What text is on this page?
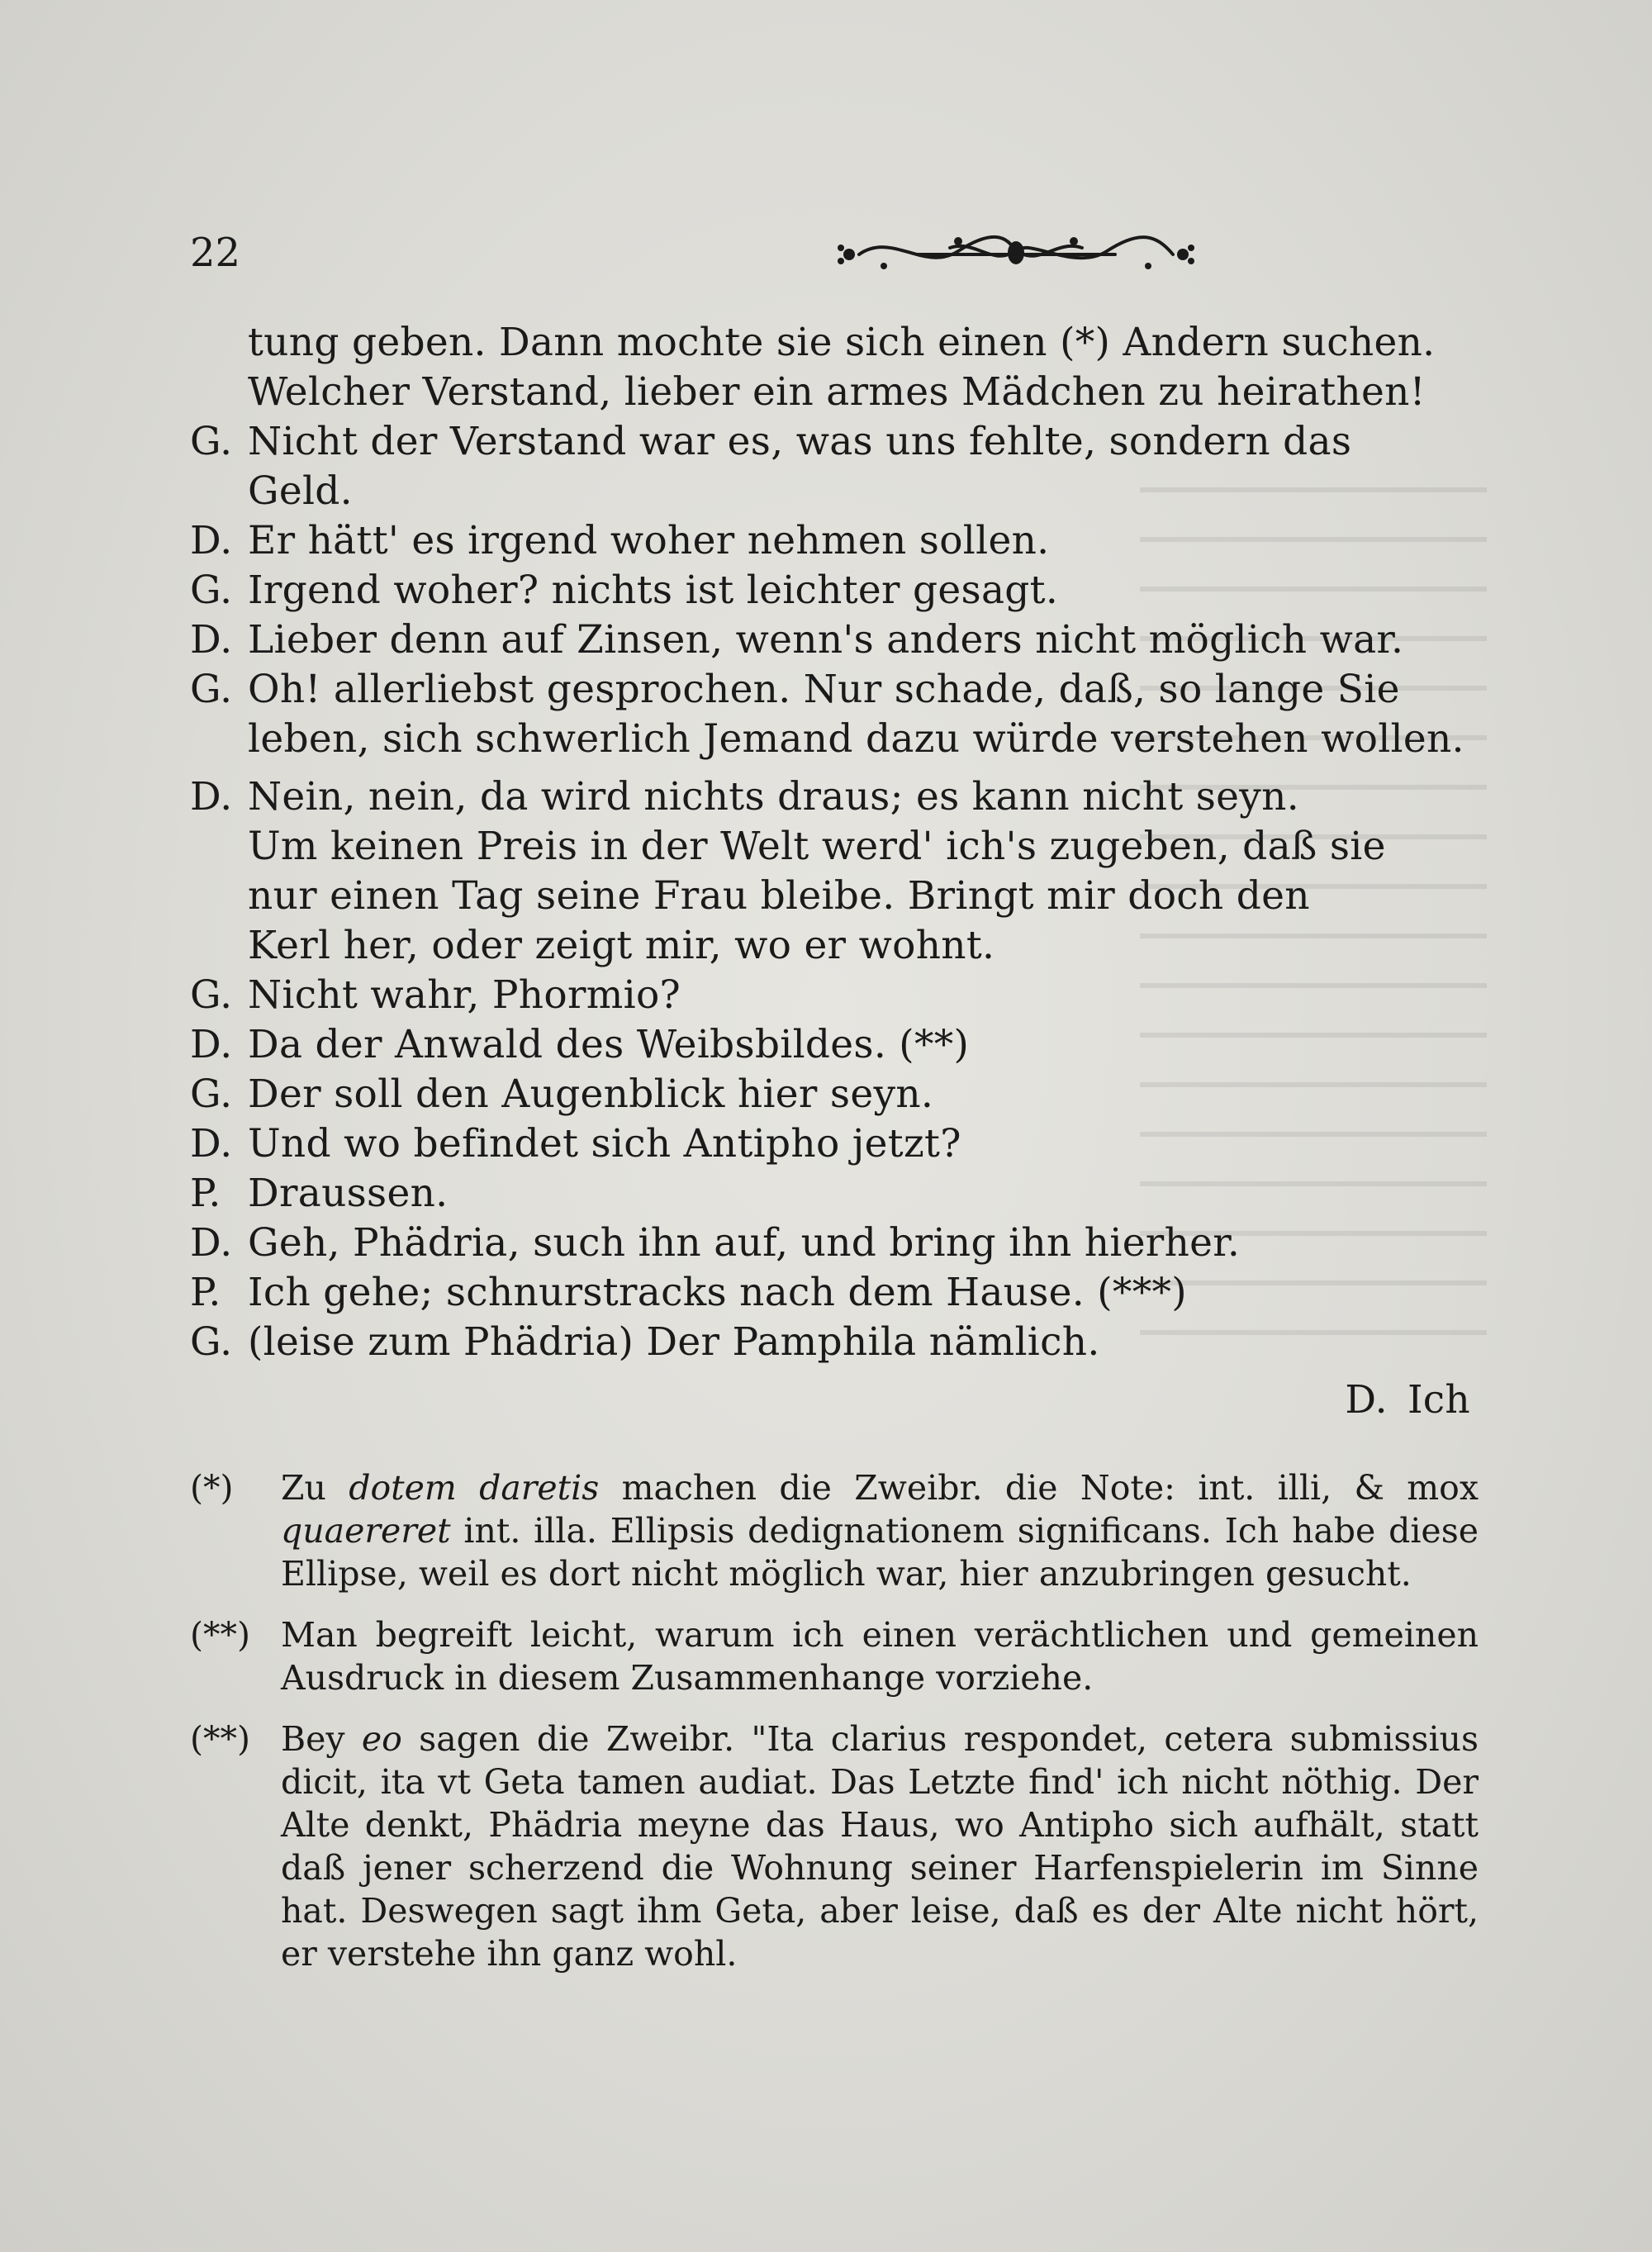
22
tung geben. Dann mochte sie sich einen (*) Andern suchen.
Welcher Verstand, lieber ein armes Mädchen zu heirathen!
G. Nicht der Verstand war es, was uns fehlte, sondern das
Geld.
D. Er hätt' es irgend woher nehmen sollen.
G. Irgend woher? nichts ist leichter gesagt.
D. Lieber denn auf Zinsen, wenn's anders nicht möglich war.
G. Oh! allerliebst gesprochen. Nur schade, daß, so lange Sie
leben, sich schwerlich Jemand dazu würde verstehen wollen.
D. Nein, nein, da wird nichts draus; es kann nicht seyn.
Um keinen Preis in der Welt werd' ich's zugeben, daß sie
nur einen Tag seine Frau bleibe. Bringt mir doch den
Kerl her, oder zeigt mir, wo er wohnt.
G. Nicht wahr, Phormio?
D. Da der Anwald des Weibsbildes. (**)
G. Der soll den Augenblick hier seyn.
D. Und wo befindet sich Antipho jetzt?
P. Draussen.
D. Geh, Phädria, such ihn auf, und bring ihn hierher.
P. Ich gehe; schnurstracks nach dem Hause. (***)
G. (leise zum Phädria) Der Pamphila nämlich.
D. Ich
(*)	Zu dotem daretis machen die Zweibr. die Note: int. illi, & mox quaereret int. illa. Ellipsis dedignationem significans. Ich habe diese Ellipse, weil es dort nicht möglich war, hier anzubringen gesucht.
(**) Man begreift leicht, warum ich einen verächtlichen und gemeinen Ausdruck in diesem Zusammenhange vorziehe.
(**) Bey eo sagen die Zweibr. "Ita clarius respondet, cetera submissius dicit, ita vt Geta tamen audiat. Das Letzte find' ich nicht nöthig. Der Alte denkt, Phädria meyne das Haus, wo Antipho sich aufhält, statt daß jener scherzend die Wohnung seiner Harfenspielerin im Sinne hat. Deswegen sagt ihm Geta, aber leise, daß es der Alte nicht hört, er verstehe ihn ganz wohl.
